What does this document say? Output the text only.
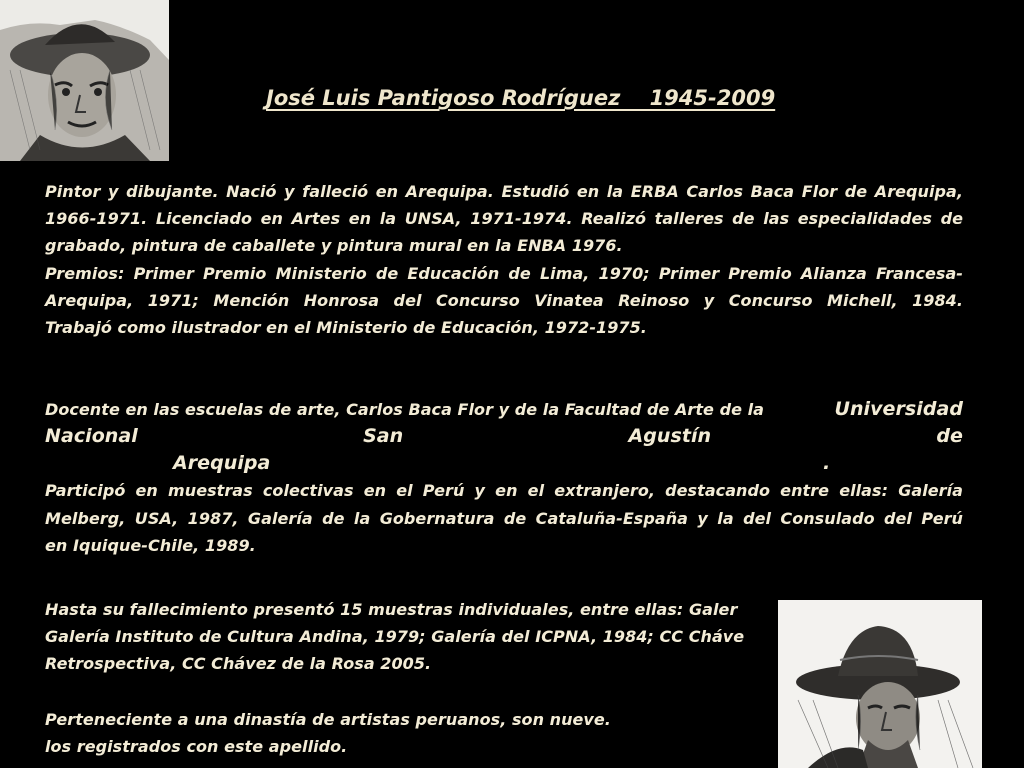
José Luis Pantigoso Rodríguez    1945-2009

Pintor y dibujante. Nació y falleció en Arequipa. Estudió en la ERBA Carlos Baca Flor de Arequipa,

1966-1971. Licenciado en Artes en la UNSA, 1971-1974. Realizó talleres de las especialidades de

grabado, pintura de caballete y pintura mural en la ENBA 1976.

Premios: Primer Premio Ministerio de Educación de Lima, 1970; Primer Premio Alianza Francesa-

Arequipa, 1971; Mención Honrosa del Concurso Vinatea Reinoso y Concurso Michell, 1984.

Trabajó como ilustrador en el Ministerio de Educación, 1972-1975.

Docente en las escuelas de arte, Carlos Baca Flor y de la Facultad de Arte de la	Universidad
Nacional	San	Agustín	de
Arequipa	.

Participó en muestras colectivas en el Perú y en el extranjero, destacando entre ellas: Galería

Melberg, USA, 1987, Galería de la Gobernatura de Cataluña-España y la del Consulado del Perú

en Iquique-Chile, 1989.

Hasta su fallecimiento presentó 15 muestras individuales, entre ellas: Galer

Galería Instituto de Cultura Andina, 1979; Galería del ICPNA, 1984; CC Cháve

Retrospectiva, CC Chávez de la Rosa 2005.

Perteneciente a una dinastía de artistas peruanos, son nueve.

los registrados con este apellido.
